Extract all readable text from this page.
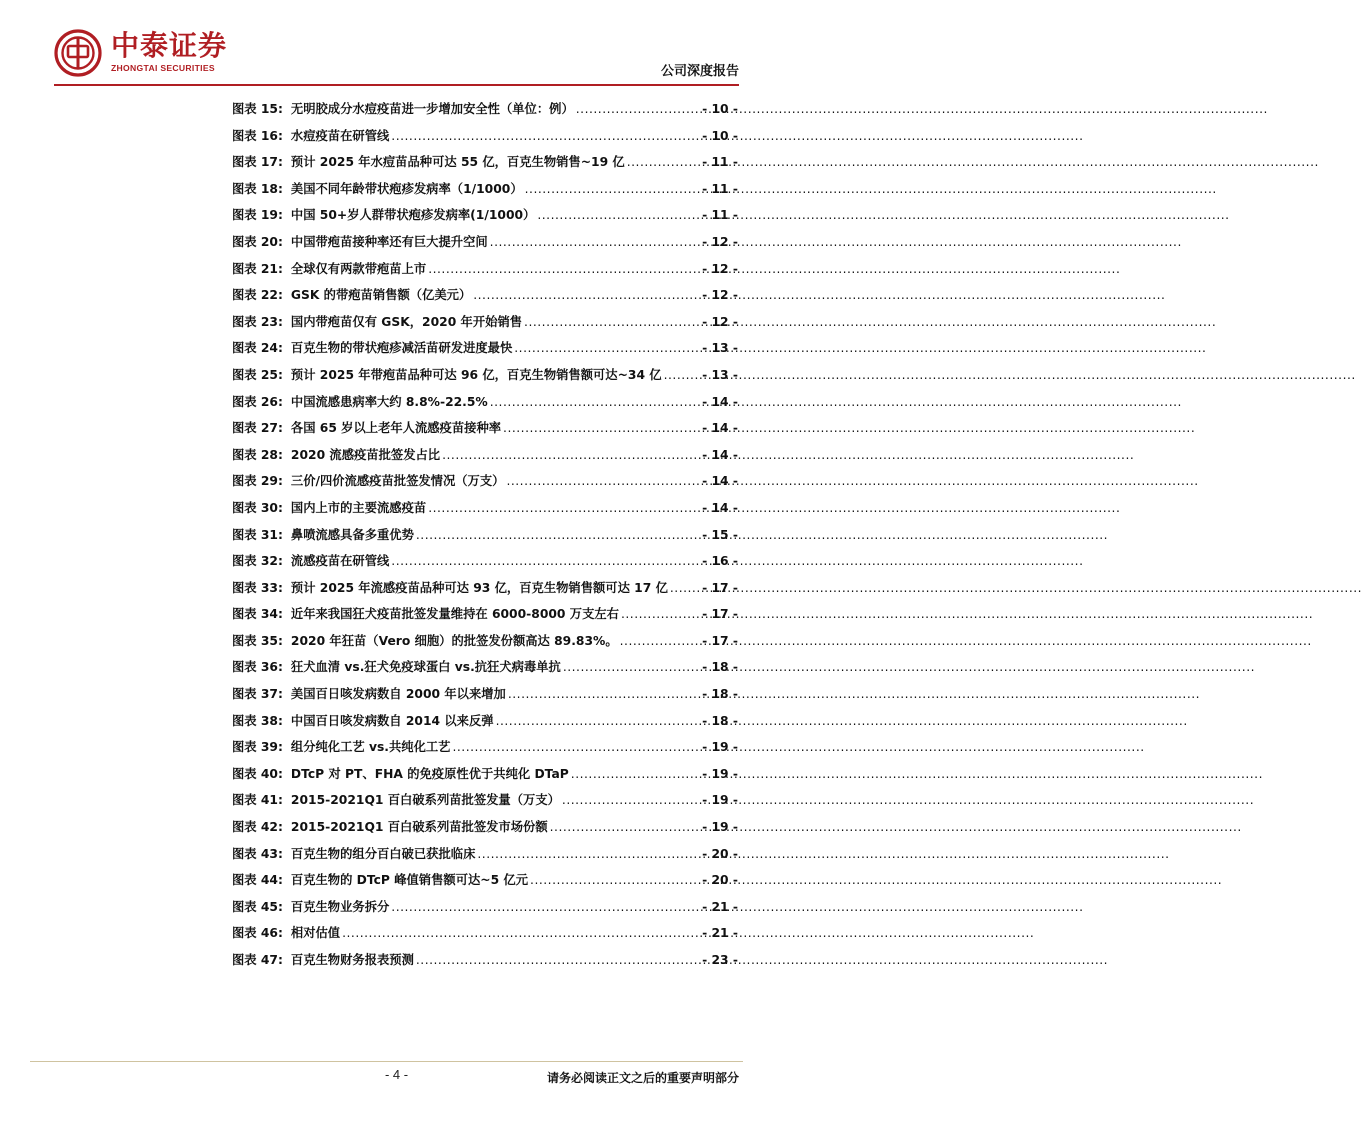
中泰证券
ZHONGTAI SECURITIES	公司深度报告
图表 15: 无明胶成分水痘疫苗进一步增加安全性（单位：例） .....	- 10 -
图表 16: 水痘疫苗在研管线 .....	- 10 -
图表 17: 预计 2025 年水痘苗品种可达 55 亿，百克生物销售~19 亿 .....	- 11 -
图表 18: 美国不同年龄带状疱疹发病率（1/1000） .....	- 11 -
图表 19: 中国 50+岁人群带状疱疹发病率(1/1000） .....	- 11 -
图表 20: 中国带疱苗接种率还有巨大提升空间 .....	- 12 -
图表 21: 全球仅有两款带疱苗上市 .....	- 12 -
图表 22: GSK 的带疱苗销售额（亿美元） .....	- 12 -
图表 23: 国内带疱苗仅有 GSK，2020 年开始销售 .....	- 12 -
图表 24: 百克生物的带状疱疹减活苗研发进度最快 .....	- 13 -
图表 25: 预计 2025 年带疱苗品种可达 96 亿，百克生物销售额可达~34 亿 .....	- 13 -
图表 26: 中国流感患病率大约 8.8%-22.5% .....	- 14 -
图表 27: 各国 65 岁以上老年人流感疫苗接种率 .....	- 14 -
图表 28: 2020 流感疫苗批签发占比 .....	- 14 -
图表 29: 三价/四价流感疫苗批签发情况（万支） .....	- 14 -
图表 30: 国内上市的主要流感疫苗 .....	- 14 -
图表 31: 鼻喷流感具备多重优势 .....	- 15 -
图表 32: 流感疫苗在研管线 .....	- 16 -
图表 33: 预计 2025 年流感疫苗品种可达 93 亿，百克生物销售额可达 17 亿 .....	- 17 -
图表 34: 近年来我国狂犬疫苗批签发量维持在 6000-8000 万支左右 .....	- 17 -
图表 35: 2020 年狂苗（Vero 细胞）的批签发份额高达 89.83%。 .....	- 17 -
图表 36: 狂犬血清 vs.狂犬免疫球蛋白 vs.抗狂犬病毒单抗 .....	- 18 -
图表 37: 美国百日咳发病数自 2000 年以来增加 .....	- 18 -
图表 38: 中国百日咳发病数自 2014 以来反弹 .....	- 18 -
图表 39: 组分纯化工艺 vs.共纯化工艺 .....	- 19 -
图表 40: DTcP 对 PT、FHA 的免疫原性优于共纯化 DTaP .....	- 19 -
图表 41: 2015-2021Q1 百白破系列苗批签发量（万支） .....	- 19 -
图表 42: 2015-2021Q1 百白破系列苗批签发市场份额 .....	- 19 -
图表 43: 百克生物的组分百白破已获批临床 .....	- 20 -
图表 44: 百克生物的 DTcP 峰值销售额可达~5 亿元 .....	- 20 -
图表 45: 百克生物业务拆分 .....	- 21 -
图表 46: 相对估值 .....	- 21 -
图表 47: 百克生物财务报表预测 .....	- 23 -
- 4 -	请务必阅读正文之后的重要声明部分
